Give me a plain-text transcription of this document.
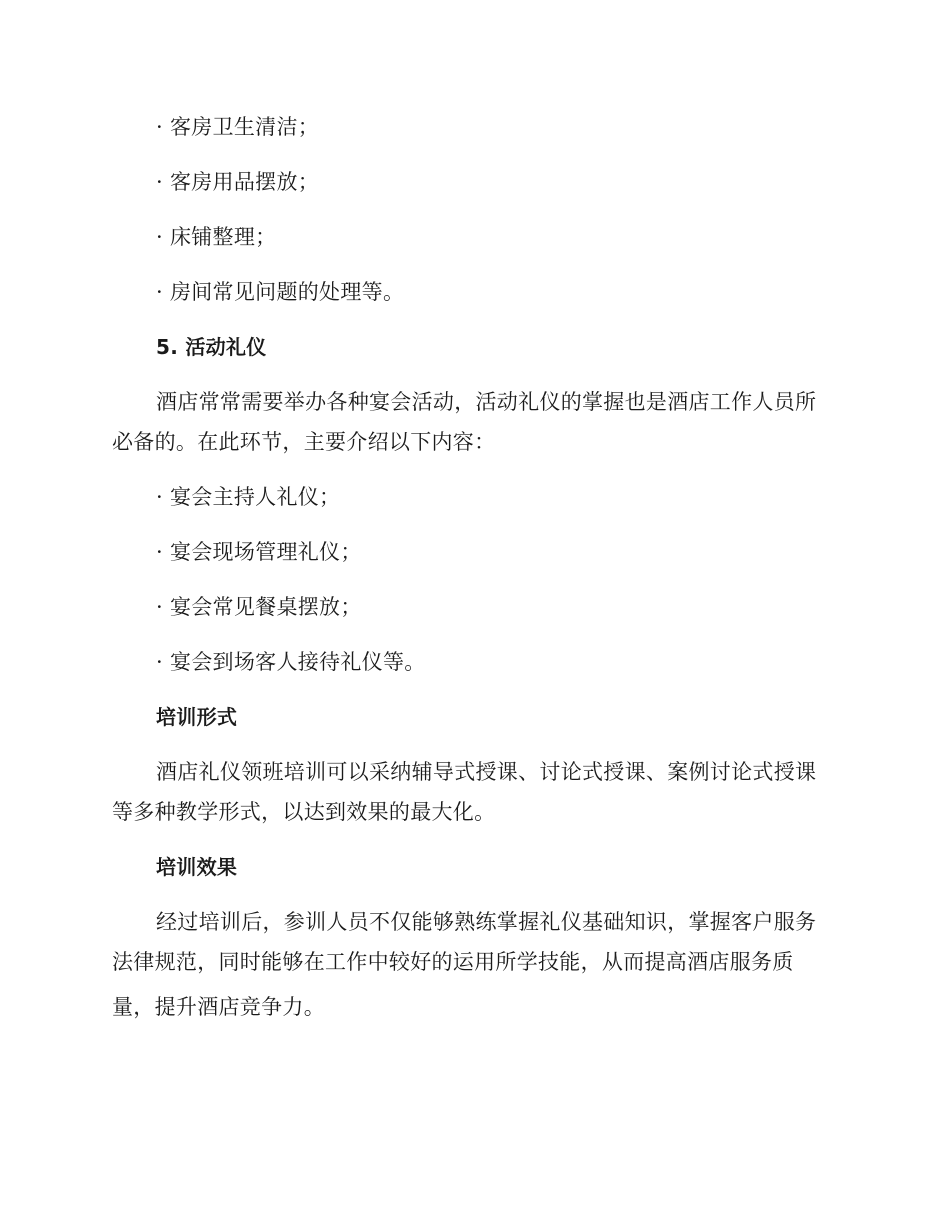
· 客房卫生清洁；
· 客房用品摆放；
· 床铺整理；
· 房间常见问题的处理等。
5. 活动礼仪
酒店常常需要举办各种宴会活动，活动礼仪的掌握也是酒店工作人员所
必备的。在此环节，主要介绍以下内容：
· 宴会主持人礼仪；
· 宴会现场管理礼仪；
· 宴会常见餐桌摆放；
· 宴会到场客人接待礼仪等。
培训形式
酒店礼仪领班培训可以采纳辅导式授课、讨论式授课、案例讨论式授课
等多种教学形式，以达到效果的最大化。
培训效果
经过培训后，参训人员不仅能够熟练掌握礼仪基础知识，掌握客户服务
法律规范，同时能够在工作中较好的运用所学技能，从而提高酒店服务质
量，提升酒店竞争力。
